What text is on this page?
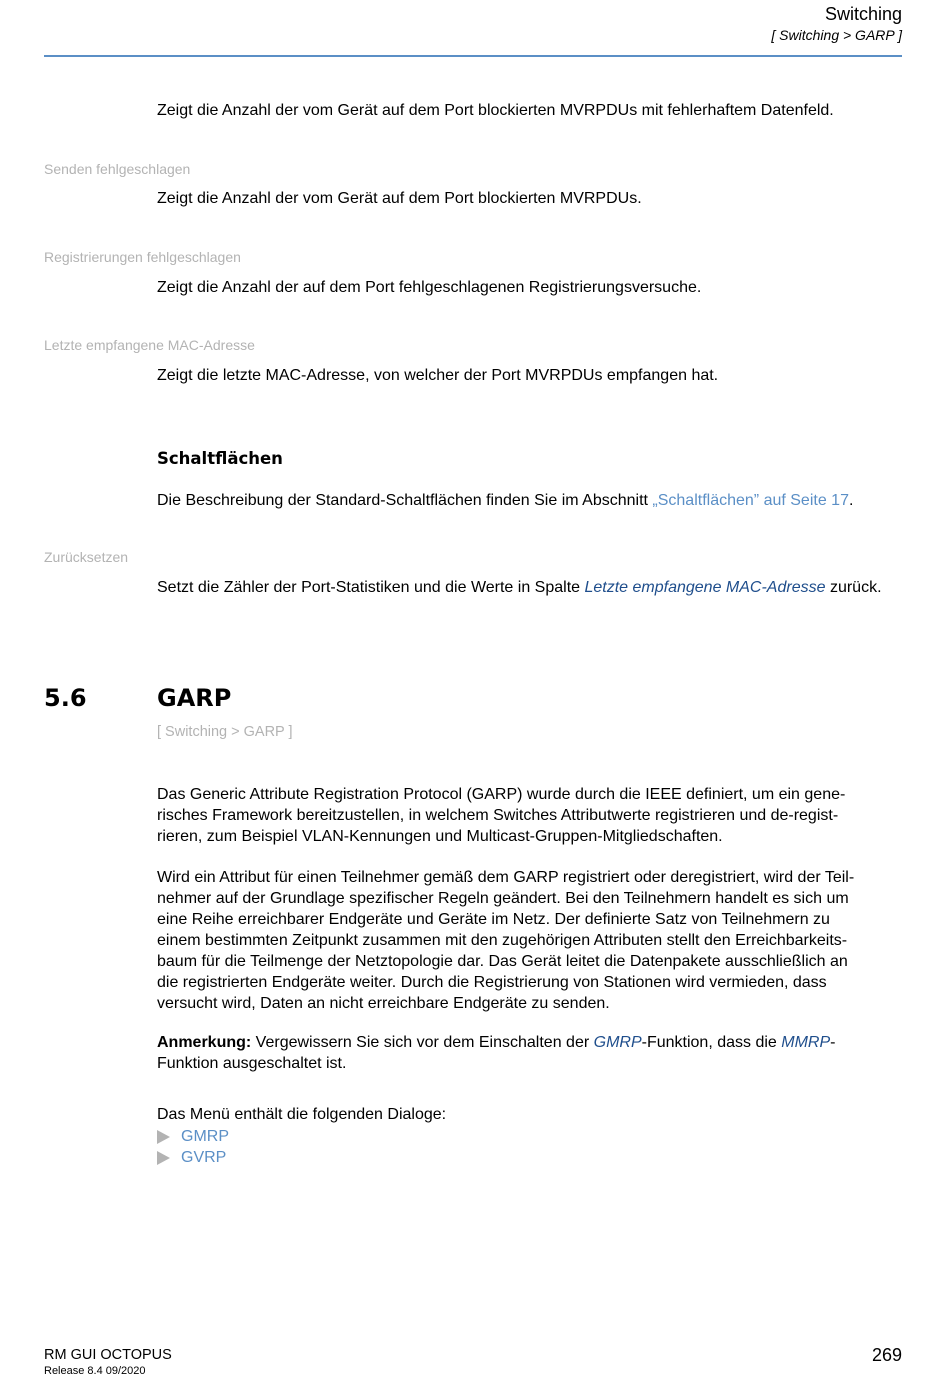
Switching
[ Switching > GARP ]

Zeigt die Anzahl der vom Gerät auf dem Port blockierten MVRPDUs mit fehlerhaftem Datenfeld.

Senden fehlgeschlagen

Zeigt die Anzahl der vom Gerät auf dem Port blockierten MVRPDUs.

Registrierungen fehlgeschlagen

Zeigt die Anzahl der auf dem Port fehlgeschlagenen Registrierungsversuche.

Letzte empfangene MAC-Adresse

Zeigt die letzte MAC-Adresse, von welcher der Port MVRPDUs empfangen hat.

Schaltflächen

Die Beschreibung der Standard-Schaltflächen finden Sie im Abschnitt „Schaltflächen” auf Seite 17.

Zurücksetzen

Setzt die Zähler der Port-Statistiken und die Werte in Spalte Letzte empfangene MAC-Adresse zurück.

5.6	GARP
[ Switching > GARP ]
Das Generic Attribute Registration Protocol (GARP) wurde durch die IEEE definiert, um ein gene-
risches Framework bereitzustellen, in welchem Switches Attributwerte registrieren und de-regist-
rieren, zum Beispiel VLAN-Kennungen und Multicast-Gruppen-Mitgliedschaften.
Wird ein Attribut für einen Teilnehmer gemäß dem GARP registriert oder deregistriert, wird der Teil-
nehmer auf der Grundlage spezifischer Regeln geändert. Bei den Teilnehmern handelt es sich um
eine Reihe erreichbarer Endgeräte und Geräte im Netz. Der definierte Satz von Teilnehmern zu
einem bestimmten Zeitpunkt zusammen mit den zugehörigen Attributen stellt den Erreichbarkeits-
baum für die Teilmenge der Netztopologie dar. Das Gerät leitet die Datenpakete ausschließlich an
die registrierten Endgeräte weiter. Durch die Registrierung von Stationen wird vermieden, dass
versucht wird, Daten an nicht erreichbare Endgeräte zu senden.
Anmerkung: Vergewissern Sie sich vor dem Einschalten der GMRP-Funktion, dass die MMRP-
Funktion ausgeschaltet ist.
Das Menü enthält die folgenden Dialoge:
GMRP
GVRP
RM GUI OCTOPUS
Release 8.4 09/2020
269
